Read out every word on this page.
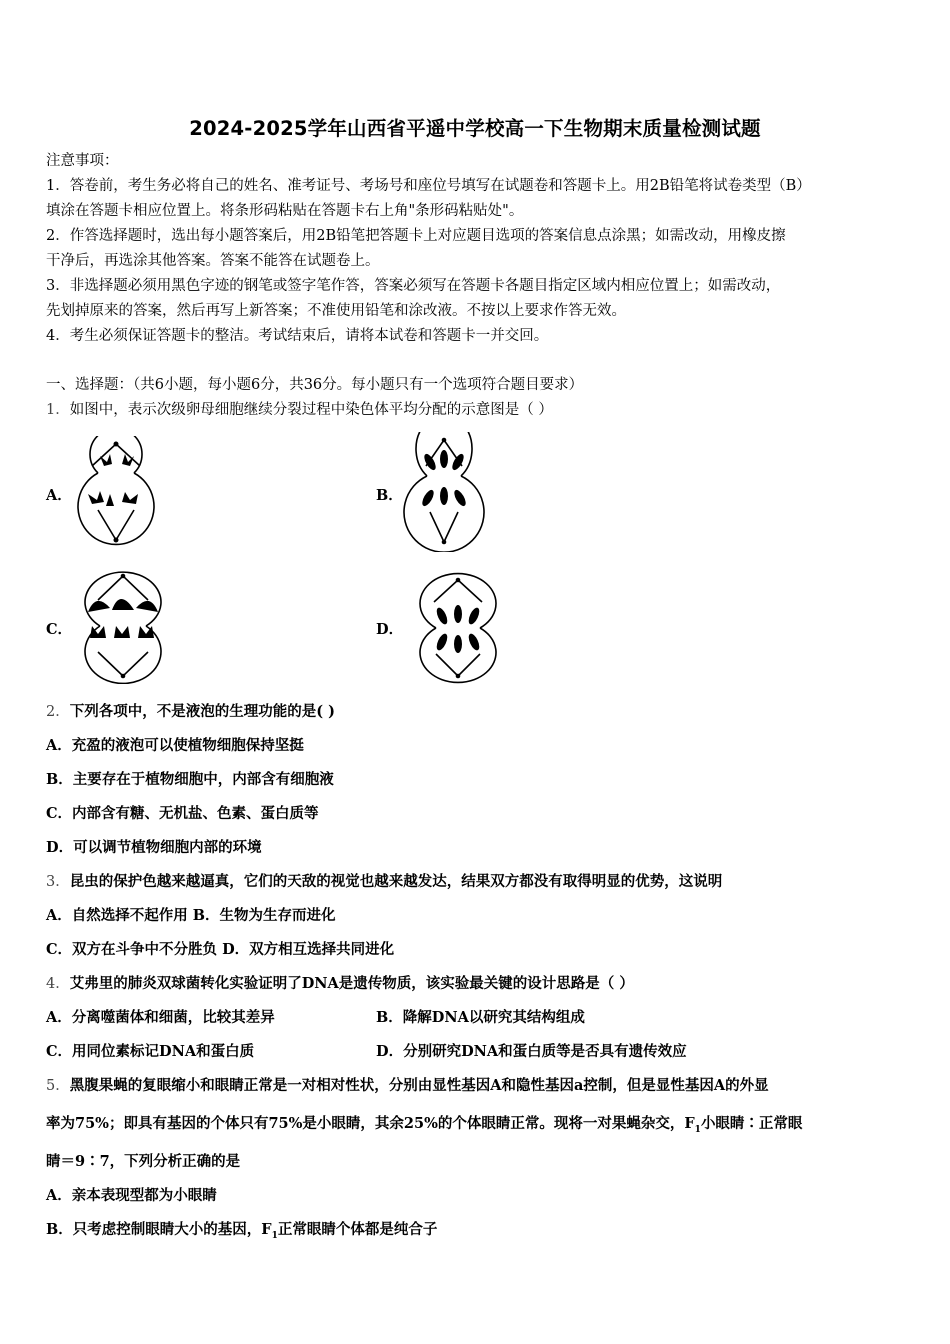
2024-2025学年山西省平遥中学校高一下生物期末质量检测试题
注意事项：
1．答卷前，考生务必将自己的姓名、准考证号、考场号和座位号填写在试题卷和答题卡上。用2B铅笔将试卷类型（B）
填涂在答题卡相应位置上。将条形码粘贴在答题卡右上角"条形码粘贴处"。
2．作答选择题时，选出每小题答案后，用2B铅笔把答题卡上对应题目选项的答案信息点涂黑；如需改动，用橡皮擦
干净后，再选涂其他答案。答案不能答在试题卷上。
3．非选择题必须用黑色字迹的钢笔或签字笔作答，答案必须写在答题卡各题目指定区域内相应位置上；如需改动，
先划掉原来的答案，然后再写上新答案；不准使用铅笔和涂改液。不按以上要求作答无效。
4．考生必须保证答题卡的整洁。考试结束后，请将本试卷和答题卡一并交回。
一、选择题：（共6小题，每小题6分，共36分。每小题只有一个选项符合题目要求）
1．如图中，表示次级卵母细胞继续分裂过程中染色体平均分配的示意图是（ ）
A．	B．
C．	D．
2．下列各项中，不是液泡的生理功能的是( )
A．充盈的液泡可以使植物细胞保持坚挺
B．主要存在于植物细胞中，内部含有细胞液
C．内部含有糖、无机盐、色素、蛋白质等
D．可以调节植物细胞内部的环境
3．昆虫的保护色越来越逼真，它们的天敌的视觉也越来越发达，结果双方都没有取得明显的优势，这说明
A．自然选择不起作用 B．生物为生存而进化
C．双方在斗争中不分胜负 D．双方相互选择共同进化
4．艾弗里的肺炎双球菌转化实验证明了DNA是遗传物质，该实验最关键的设计思路是（ ）
A．分离噬菌体和细菌，比较其差异	B．降解DNA以研究其结构组成
C．用同位素标记DNA和蛋白质	D．分别研究DNA和蛋白质等是否具有遗传效应
5．黑腹果蝇的复眼缩小和眼睛正常是一对相对性状，分别由显性基因A和隐性基因a控制，但是显性基因A的外显
率为75%；即具有基因的个体只有75%是小眼睛，其余25%的个体眼睛正常。现将一对果蝇杂交，$F_1$小眼睛∶正常眼
睛＝9∶7，下列分析正确的是
A．亲本表现型都为小眼睛
B．只考虑控制眼睛大小的基因，$F_1$正常眼睛个体都是纯合子
